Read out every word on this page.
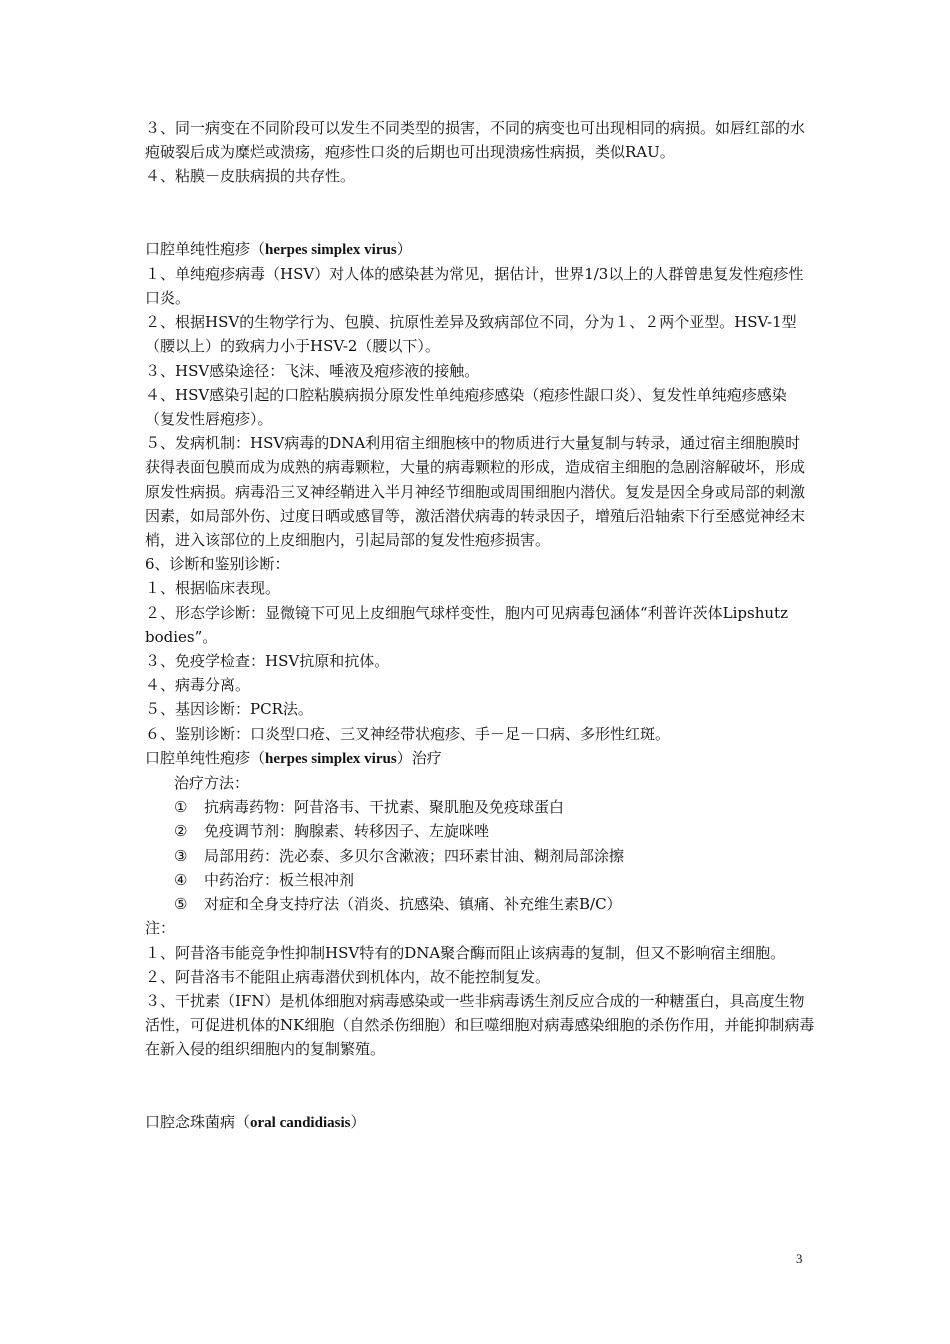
３、同一病变在不同阶段可以发生不同类型的损害，不同的病变也可出现相同的病损。如唇红部的水疱破裂后成为糜烂或溃疡，疱疹性口炎的后期也可出现溃疡性病损，类似RAU。

４、粘膜－皮肤病损的共存性。

口腔单纯性疱疹（herpes simplex virus）

１、单纯疱疹病毒（HSV）对人体的感染甚为常见，据估计，世界1/3以上的人群曾患复发性疱疹性口炎。

２、根据HSV的生物学行为、包膜、抗原性差异及致病部位不同，分为１、２两个亚型。HSV-1型（腰以上）的致病力小于HSV-2（腰以下）。

３、HSV感染途径：飞沫、唾液及疱疹液的接触。

４、HSV感染引起的口腔粘膜病损分原发性单纯疱疹感染（疱疹性龈口炎）、复发性单纯疱疹感染（复发性唇疱疹）。

５、发病机制：HSV病毒的DNA利用宿主细胞核中的物质进行大量复制与转录，通过宿主细胞膜时获得表面包膜而成为成熟的病毒颗粒，大量的病毒颗粒的形成，造成宿主细胞的急剧溶解破坏，形成原发性病损。病毒沿三叉神经鞘进入半月神经节细胞或周围细胞内潜伏。复发是因全身或局部的刺激因素，如局部外伤、过度日晒或感冒等，激活潜伏病毒的转录因子，增殖后沿轴索下行至感觉神经末梢，进入该部位的上皮细胞内，引起局部的复发性疱疹损害。

6、诊断和鉴别诊断：

１、根据临床表现。

２、形态学诊断：显微镜下可见上皮细胞气球样变性，胞内可见病毒包涵体“利普许茨体Lipshutz bodies”。

３、免疫学检查：HSV抗原和抗体。

４、病毒分离。

５、基因诊断：PCR法。

６、鉴别诊断：口炎型口疮、三叉神经带状疱疹、手－足－口病、多形性红斑。

口腔单纯性疱疹（herpes simplex virus）治疗

治疗方法：

① 抗病毒药物：阿昔洛韦、干扰素、聚肌胞及免疫球蛋白

② 免疫调节剂：胸腺素、转移因子、左旋咪唑

③ 局部用药：洗必泰、多贝尔含漱液；四环素甘油、糊剂局部涂擦

④ 中药治疗：板兰根冲剂

⑤ 对症和全身支持疗法（消炎、抗感染、镇痛、补充维生素B/C）

注：

１、阿昔洛韦能竞争性抑制HSV特有的DNA聚合酶而阻止该病毒的复制，但又不影响宿主细胞。

２、阿昔洛韦不能阻止病毒潜伏到机体内，故不能控制复发。

３、干扰素（IFN）是机体细胞对病毒感染或一些非病毒诱生剂反应合成的一种糖蛋白，具高度生物活性，可促进机体的NK细胞（自然杀伤细胞）和巨噬细胞对病毒感染细胞的杀伤作用，并能抑制病毒在新入侵的组织细胞内的复制繁殖。

口腔念珠菌病（oral candidiasis）

3
